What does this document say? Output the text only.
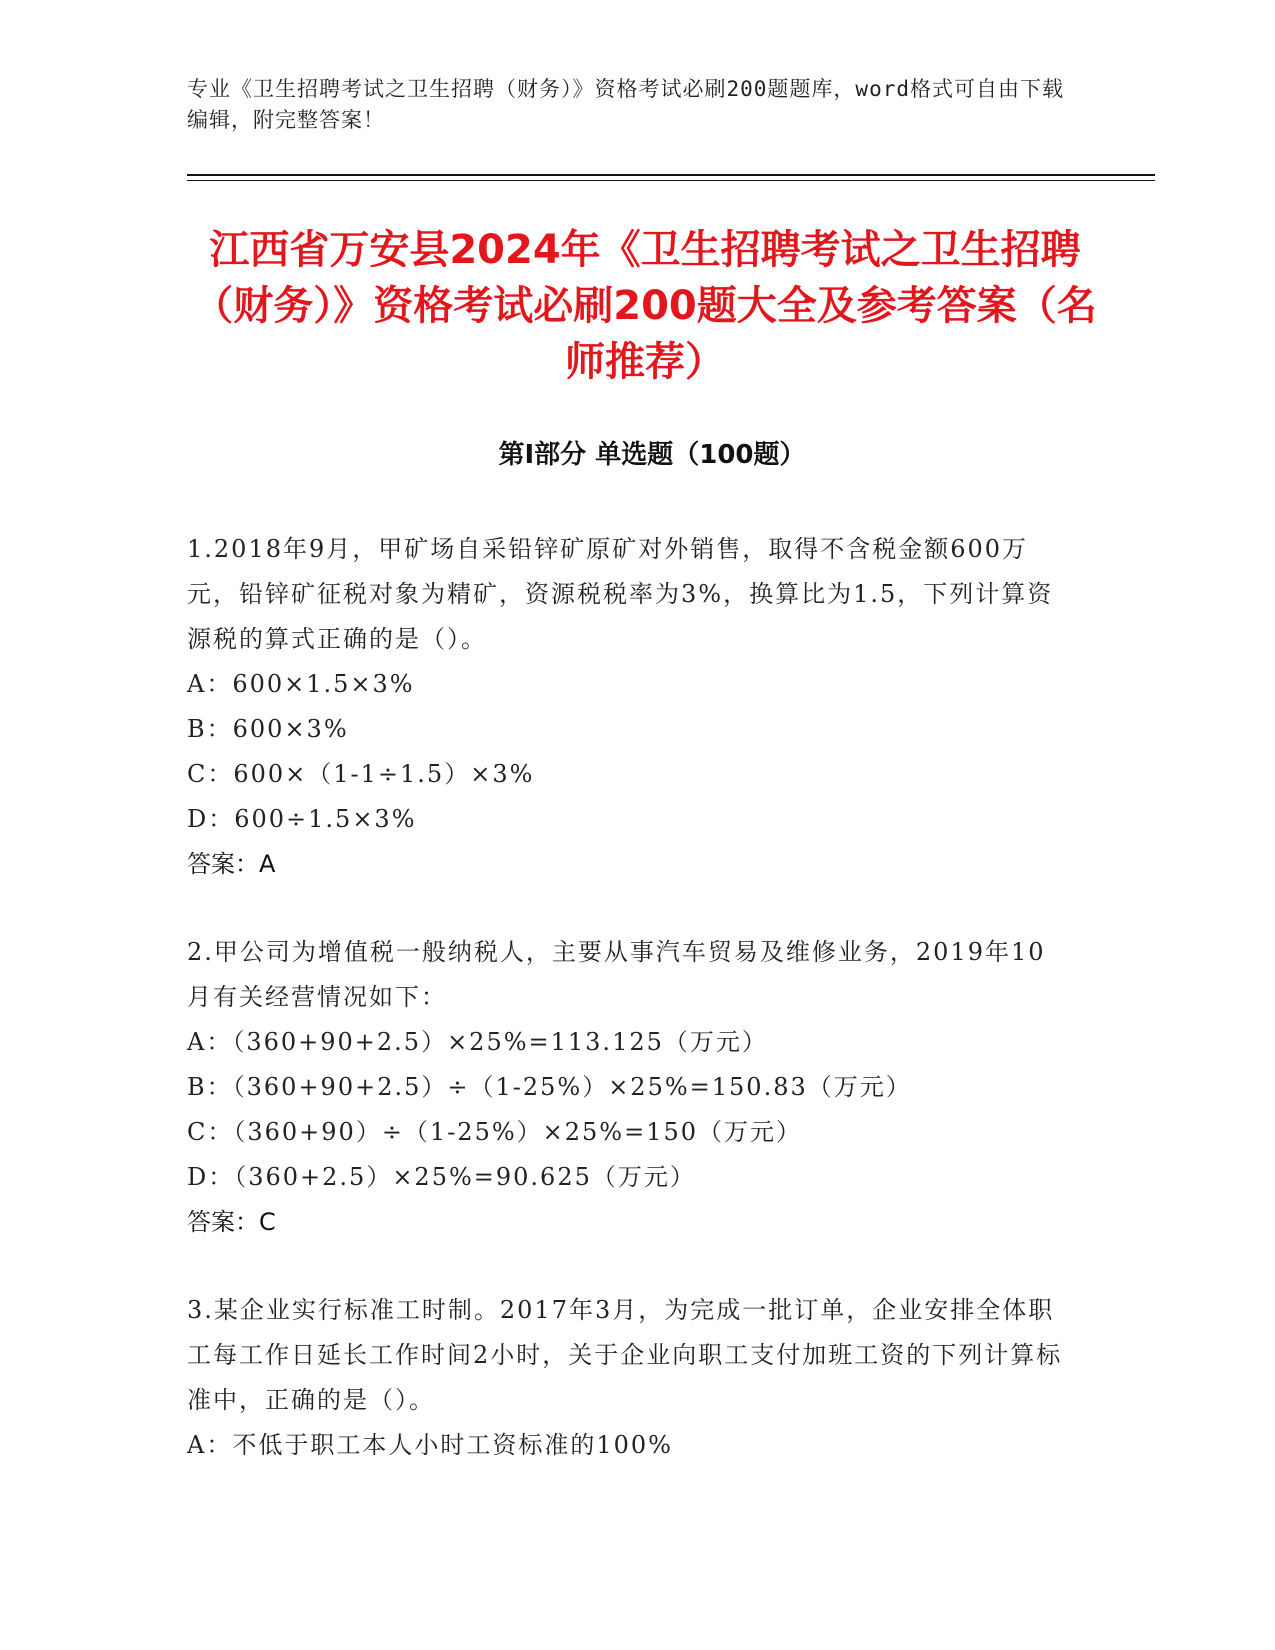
专业《卫生招聘考试之卫生招聘（财务）》资格考试必刷200题题库，word格式可自由下载编辑，附完整答案！
江西省万安县2024年《卫生招聘考试之卫生招聘（财务）》资格考试必刷200题大全及参考答案（名师推荐）
第Ⅰ部分 单选题（100题）

1.2018年9月，甲矿场自采铅锌矿原矿对外销售，取得不含税金额600万元，铅锌矿征税对象为精矿，资源税税率为3%，换算比为1.5，下列计算资源税的算式正确的是（）。

A：600×1.5×3%

B：600×3%

C：600×（1-1÷1.5）×3%

D：600÷1.5×3%

答案：A

2.甲公司为增值税一般纳税人，主要从事汽车贸易及维修业务，2019年10月有关经营情况如下：

A：（360+90+2.5）×25%=113.125（万元）

B：（360+90+2.5）÷（1-25%）×25%=150.83（万元）

C：（360+90）÷（1-25%）×25%=150（万元）

D：（360+2.5）×25%=90.625（万元）

答案：C

3.某企业实行标准工时制。2017年3月，为完成一批订单，企业安排全体职工每工作日延长工作时间2小时，关于企业向职工支付加班工资的下列计算标准中，正确的是（）。

A：不低于职工本人小时工资标准的100%
